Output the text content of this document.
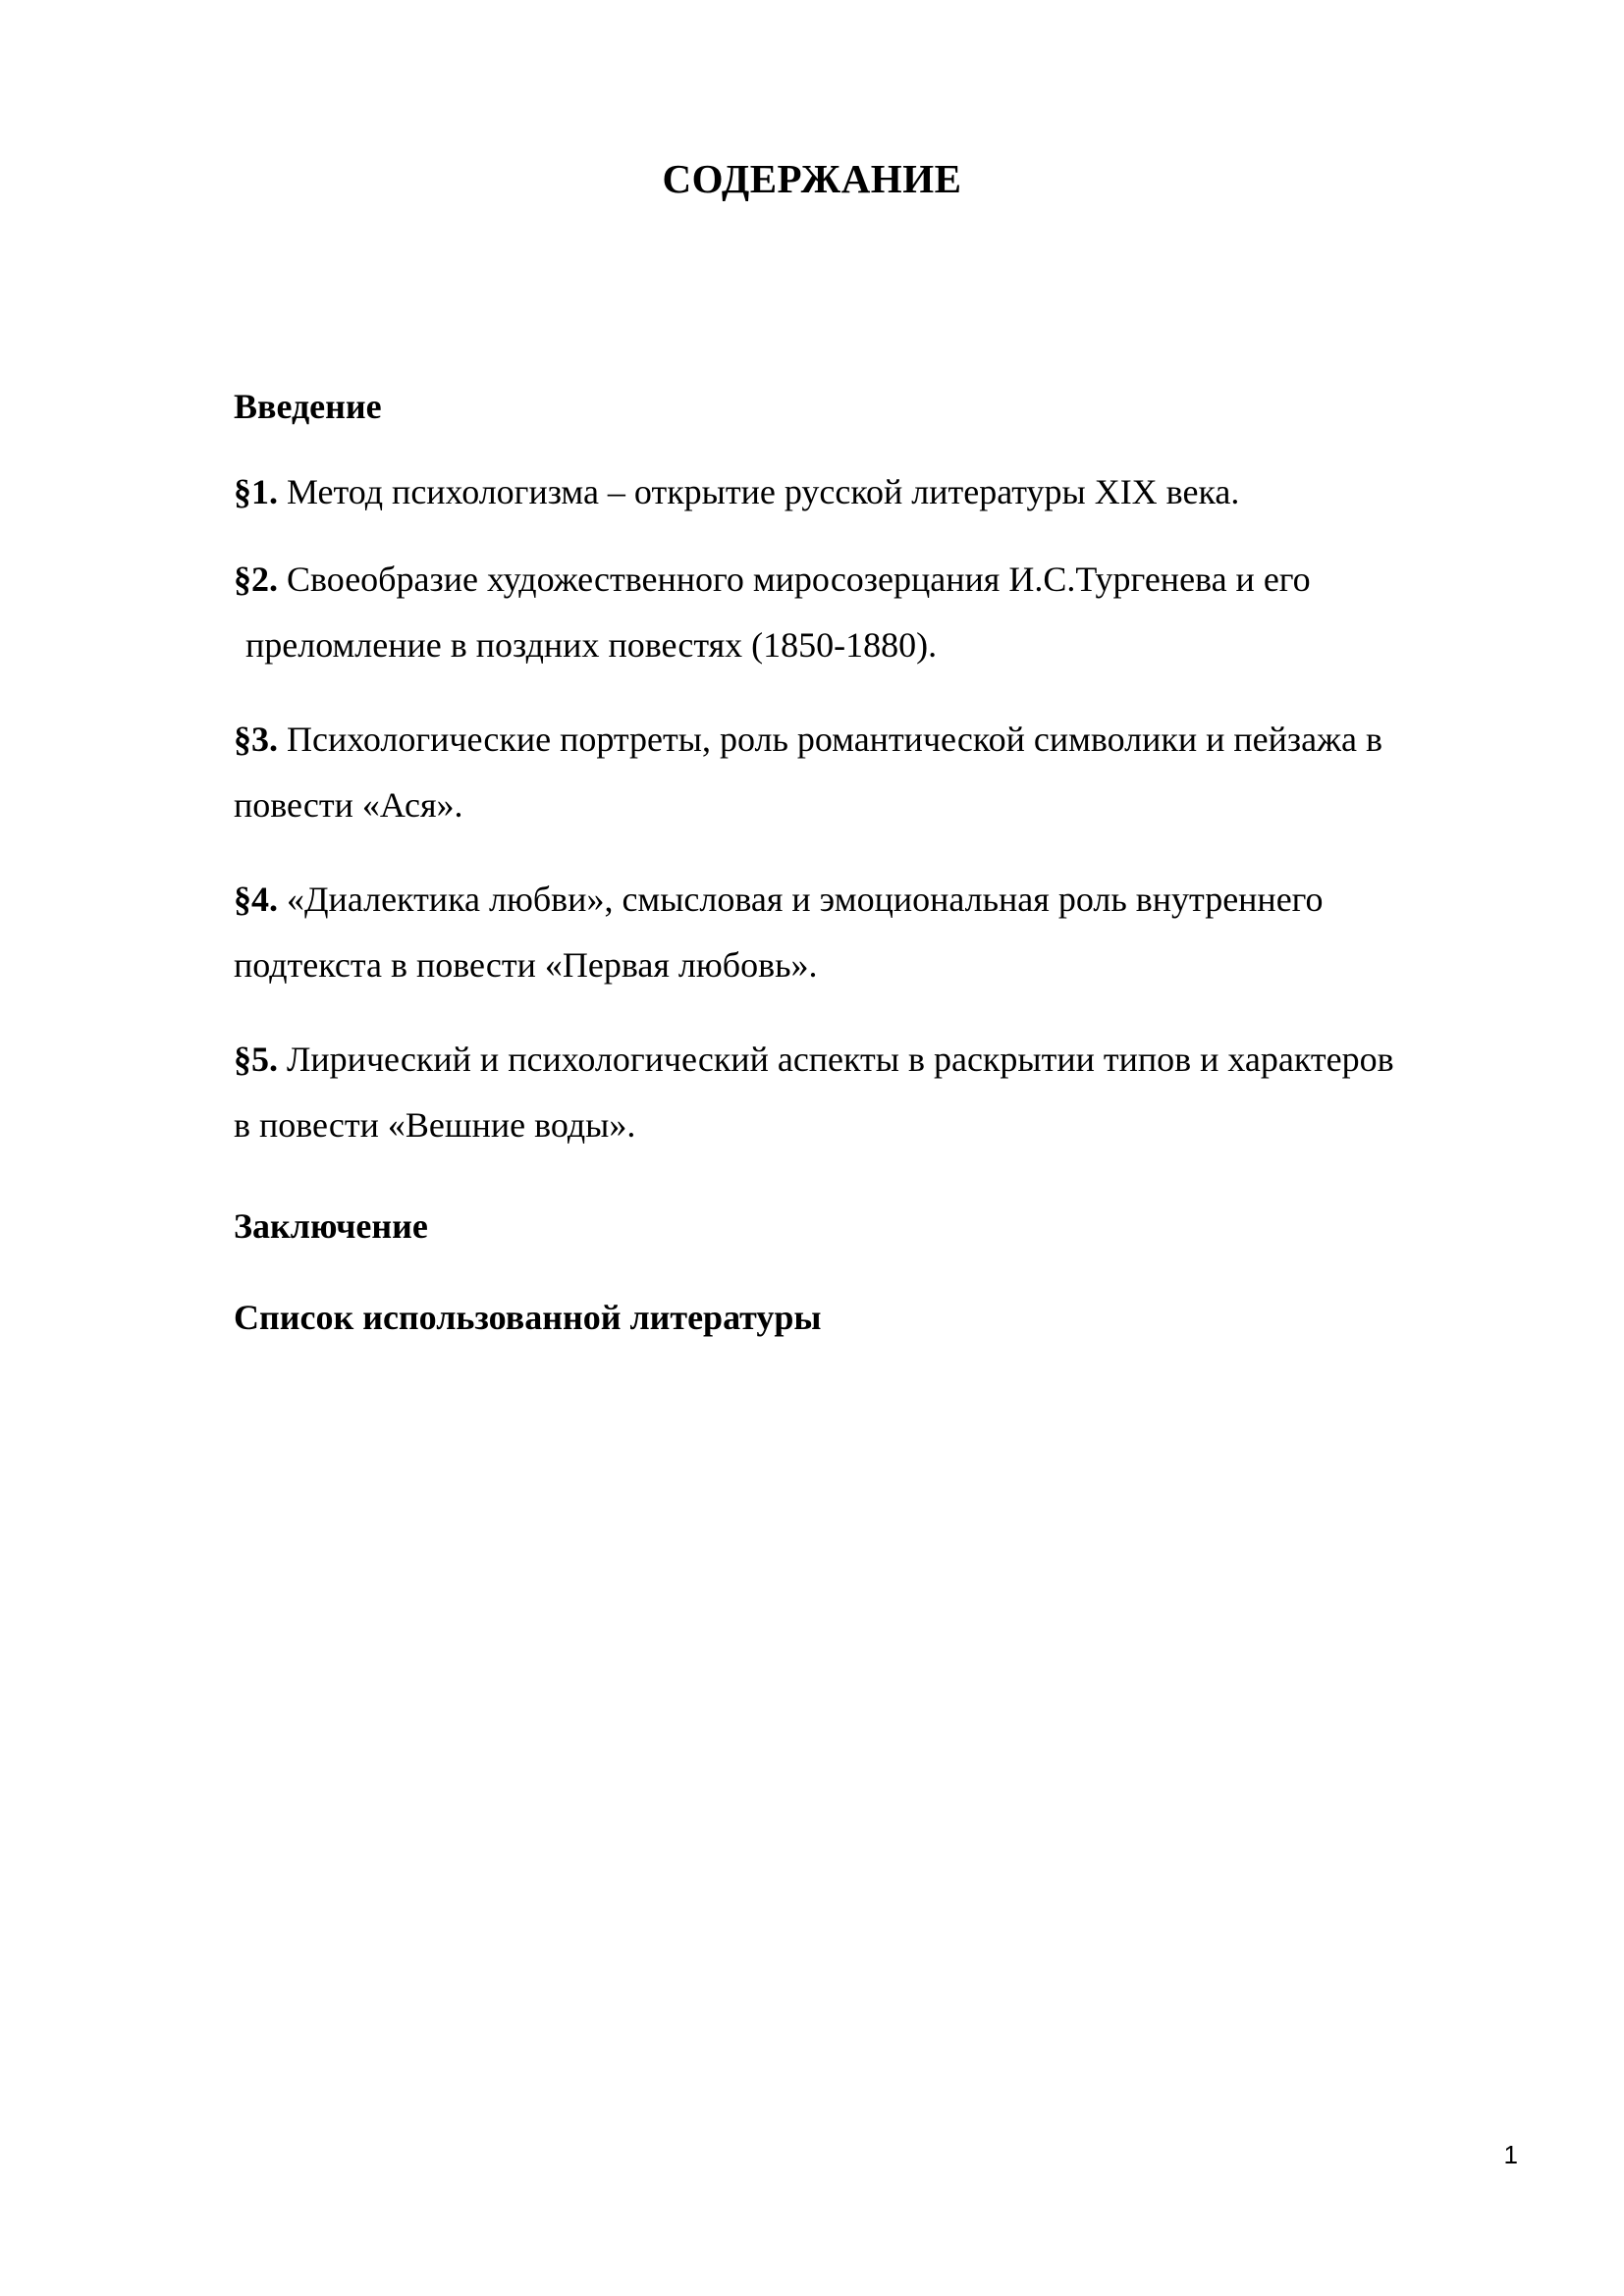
СОДЕРЖАНИЕ

Введение

§1. Метод психологизма – открытие русской литературы XIX века.

§2. Своеобразие художественного миросозерцания И.С.Тургенева и его
преломление в поздних повестях (1850-1880).

§3. Психологические портреты, роль романтической символики и пейзажа в
повести «Ася».

§4. «Диалектика любви», смысловая и эмоциональная роль внутреннего
подтекста в повести «Первая любовь».

§5. Лирический и психологический аспекты в раскрытии типов и характеров
в повести «Вешние воды».

Заключение

Список использованной литературы

1
